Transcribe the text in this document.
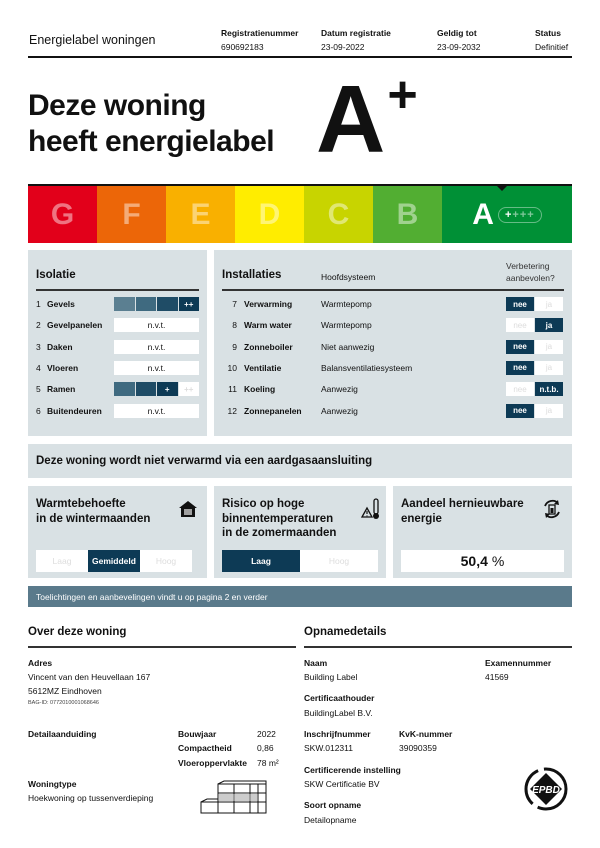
Energielabel woningen	Registratienummer
690692183
Datum registratie
23-09-2022
Geldig tot
23-09-2032
Status
Definitief
Deze woning
heeft energielabel A +
G F E D C B A	++++
Isolatie
1 Gevels	++
2 Gevelpanelen	n.v.t.
3 Daken	n.v.t.
4 Vloeren	n.v.t.
5 Ramen	+	++
6 Buitendeuren	n.v.t.
Installaties	Hoofdsysteem
Verbetering
aanbevolen?
7 Verwarming	Warmtepomp	nee	ja
8 Warm water	Warmtepomp	nee	ja
9 Zonneboiler	Niet aanwezig	nee	ja
10 Ventilatie	Balansventilatiesysteem	nee	ja
11 Koeling	Aanwezig	nee	n.t.b.
12 Zonnepanelen Aanwezig	nee	ja
Deze woning wordt niet verwarmd via een aardgasaansluiting
Warmtebehoefte
in de wintermaanden
Laag	Gemiddeld	Hoog
Risico op hoge
binnentemperaturen
in de zomermaanden
Laag	Hoog
Aandeel hernieuwbare
energie
50,4 %
Toelichtingen en aanbevelingen vindt u op pagina 2 en verder
Over deze woning
Adres
Vincent van den Heuvellaan 167
5612MZ Eindhoven
BAG-ID: 0772010001068646
Detailaanduiding	Bouwjaar	2022
Compactheid	0,86
Vloeroppervlakte 78 m²
Woningtype
Hoekwoning op tussenverdieping
Opnamedetails
Naam
Building Label
Examennummer
41569
Certificaathouder
BuildingLabel B.V.
Inschrijfnummer
SKW.012311
KvK-nummer
39090359
Certificerende instelling
SKW Certificatie BV
Soort opname
Detailopname
EPBD
